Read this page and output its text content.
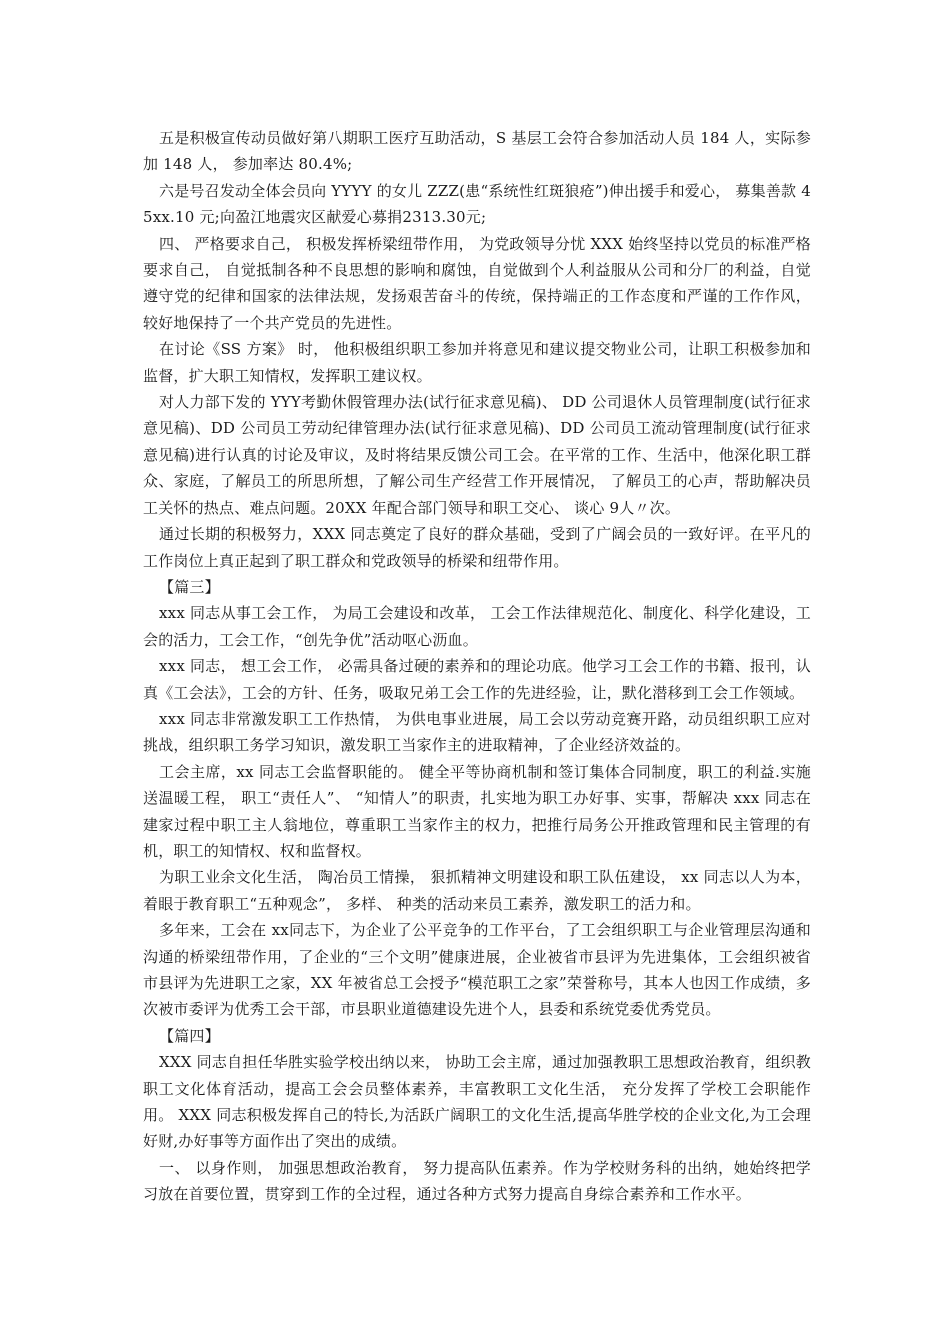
五是积极宣传动员做好第八期职工医疗互助活动，S 基层工会符合参加活动人员 184 人，实际参加 148 人， 参加率达 80.4%;

六是号召发动全体会员向 YYYY 的女儿 ZZZ(患“系统性红斑狼疮”)伸出援手和爱心， 募集善款 45xx.10 元;向盈江地震灾区献爱心募捐2313.30元;

四、 严格要求自己， 积极发挥桥梁纽带作用， 为党政领导分忧 XXX 始终坚持以党员的标准严格要求自己， 自觉抵制各种不良思想的影响和腐蚀，自觉做到个人利益服从公司和分厂的利益，自觉遵守党的纪律和国家的法律法规，发扬艰苦奋斗的传统，保持端正的工作态度和严谨的工作作风，较好地保持了一个共产党员的先进性。

在讨论《SS 方案》 时， 他积极组织职工参加并将意见和建议提交物业公司，让职工积极参加和监督，扩大职工知情权，发挥职工建议权。

对人力部下发的 YYY考勤休假管理办法(试行征求意见稿)、 DD 公司退休人员管理制度(试行征求意见稿)、DD 公司员工劳动纪律管理办法(试行征求意见稿)、DD 公司员工流动管理制度(试行征求意见稿)进行认真的讨论及审议，及时将结果反馈公司工会。在平常的工作、生活中，他深化职工群众、家庭，了解员工的所思所想，了解公司生产经营工作开展情况， 了解员工的心声，帮助解决员工关怀的热点、难点问题。20XX 年配合部门领导和职工交心、 谈心 9人〃次。

通过长期的积极努力，XXX 同志奠定了良好的群众基础，受到了广阔会员的一致好评。在平凡的工作岗位上真正起到了职工群众和党政领导的桥梁和纽带作用。

【篇三】

xxx 同志从事工会工作， 为局工会建设和改革， 工会工作法律规范化、制度化、科学化建设，工会的活力，工会工作，“创先争优”活动呕心沥血。

xxx 同志， 想工会工作， 必需具备过硬的素养和的理论功底。他学习工会工作的书籍、报刊，认真《工会法》，工会的方针、任务，吸取兄弟工会工作的先进经验，让，默化潜移到工会工作领域。

xxx 同志非常激发职工工作热情， 为供电事业进展，局工会以劳动竞赛开路，动员组织职工应对挑战，组织职工务学习知识，激发职工当家作主的进取精神，了企业经济效益的。

工会主席，xx 同志工会监督职能的。 健全平等协商机制和签订集体合同制度，职工的利益.实施送温暖工程， 职工“责任人”、 “知情人”的职责，扎实地为职工办好事、实事，帮解决 xxx 同志在建家过程中职工主人翁地位，尊重职工当家作主的权力，把推行局务公开推政管理和民主管理的有机，职工的知情权、权和监督权。

为职工业余文化生活， 陶冶员工情操， 狠抓精神文明建设和职工队伍建设， xx 同志以人为本， 着眼于教育职工“五种观念”， 多样、 种类的活动来员工素养，激发职工的活力和。

多年来，工会在 xx同志下，为企业了公平竞争的工作平台，了工会组织职工与企业管理层沟通和沟通的桥梁纽带作用，了企业的“三个文明”健康进展，企业被省市县评为先进集体，工会组织被省市县评为先进职工之家，XX 年被省总工会授予“模范职工之家”荣誉称号，其本人也因工作成绩，多次被市委评为优秀工会干部，市县职业道德建设先进个人，县委和系统党委优秀党员。

【篇四】

XXX 同志自担任华胜实验学校出纳以来， 协助工会主席，通过加强教职工思想政治教育，组织教职工文化体育活动，提高工会会员整体素养，丰富教职工文化生活， 充分发挥了学校工会职能作用。 XXX 同志积极发挥自己的特长,为活跃广阔职工的文化生活,提高华胜学校的企业文化,为工会理好财,办好事等方面作出了突出的成绩。

一、 以身作则， 加强思想政治教育， 努力提高队伍素养。作为学校财务科的出纳，她始终把学习放在首要位置，贯穿到工作的全过程，通过各种方式努力提高自身综合素养和工作水平。
